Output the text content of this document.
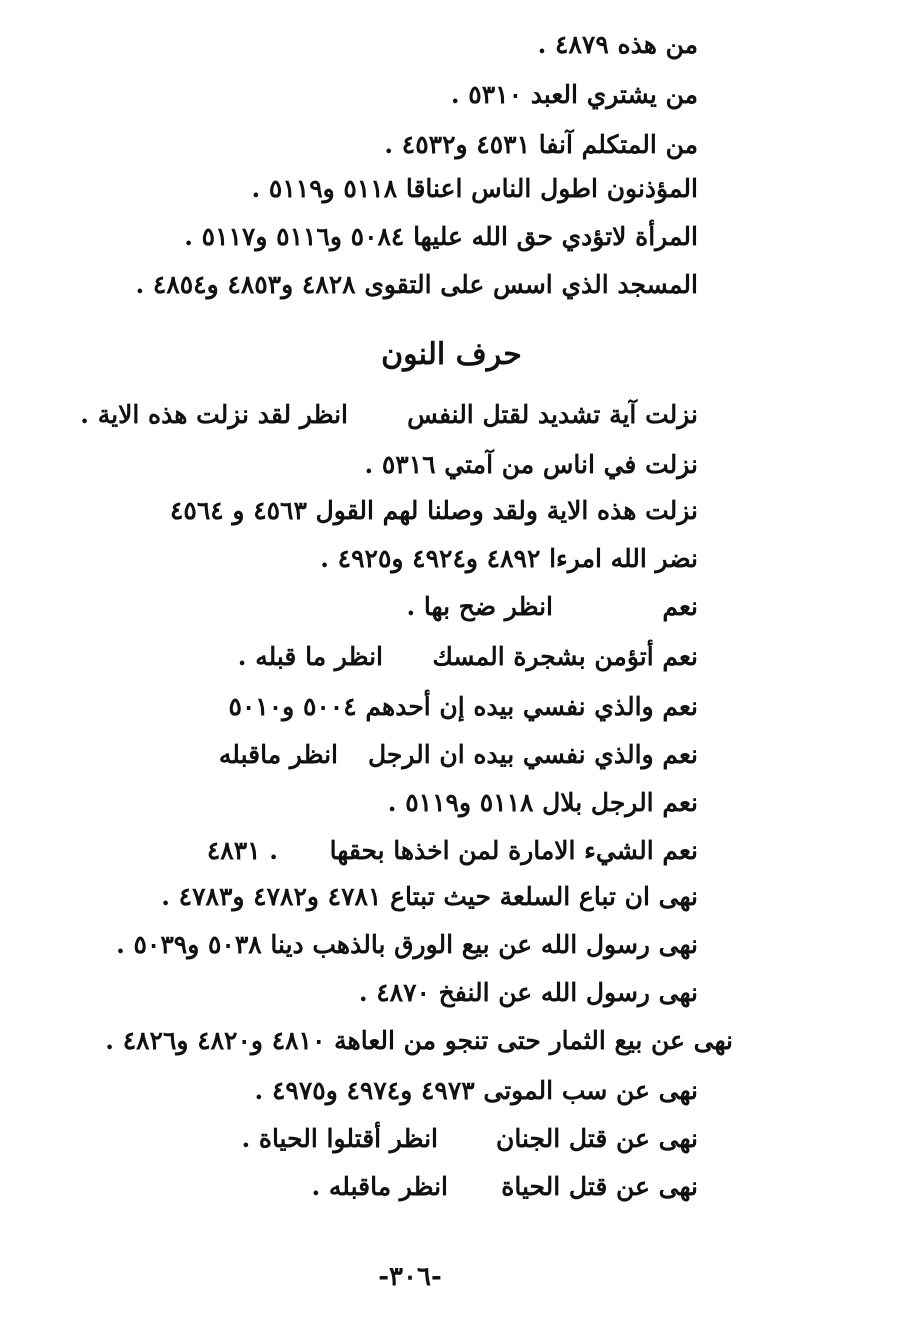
من هذه ٤٨٧٩ .
من يشتري العبد ٥٣١٠ .
من المتكلم آنفا ٤٥٣١ و٤٥٣٢ .
المؤذنون اطول الناس اعناقا ٥١١٨ و٥١١٩ .
المرأة لاتؤدي حق الله عليها ٥٠٨٤ و٥١١٦ و٥١١٧ .
المسجد الذي اسس على التقوى ٤٨٢٨ و٤٨٥٣ و٤٨٥٤ .
حرف النون
نزلت آية تشديد لقتل النفس
انظر لقد نزلت هذه الاية .
نزلت في اناس من آمتي ٥٣١٦ .
نزلت هذه الاية ولقد وصلنا لهم القول ٤٥٦٣ و ٤٥٦٤
نضر الله امرءا ٤٨٩٢ و٤٩٢٤ و٤٩٢٥ .
نعم
انظر ضح بها .
نعم أتؤمن بشجرة المسك
انظر ما قبله .
نعم والذي نفسي بيده إن أحدهم ٥٠٠٤ و٥٠١٠
نعم والذي نفسي بيده ان الرجل
انظر ماقبله
نعم الرجل بلال ٥١١٨ و٥١١٩ .
نعم الشيء الامارة لمن اخذها بحقها
٤٨٣١ .
نهى ان تباع السلعة حيث تبتاع ٤٧٨١ و٤٧٨٢ و٤٧٨٣ .
نهى رسول الله عن بيع الورق بالذهب دينا ٥٠٣٨ و٥٠٣٩ .
نهى رسول الله عن النفخ ٤٨٧٠ .
نهى عن بيع الثمار حتى تنجو من العاهة ٤٨١٠ و٤٨٢٠ و٤٨٢٦ .
نهى عن سب الموتى ٤٩٧٣ و٤٩٧٤ و٤٩٧٥ .
نهى عن قتل الجنان
انظر أقتلوا الحياة .
نهى عن قتل الحياة
انظر ماقبله .
-٣٠٦-
